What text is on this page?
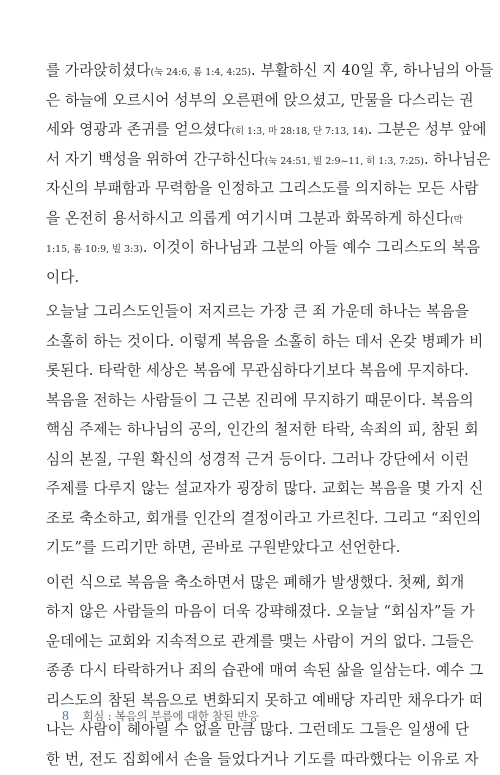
를 가라앉히셨다(눅 24:6, 롬 1:4, 4:25). 부활하신 지 40일 후, 하나님의 아들
은 하늘에 오르시어 성부의 오른편에 앉으셨고, 만물을 다스리는 권
세와 영광과 존귀를 얻으셨다(히 1:3, 마 28:18, 단 7:13, 14). 그분은 성부 앞에
서 자기 백성을 위하여 간구하신다(눅 24:51, 빌 2:9~11, 히 1:3, 7:25). 하나님은
자신의 부패함과 무력함을 인정하고 그리스도를 의지하는 모든 사람
을 온전히 용서하시고 의롭게 여기시며 그분과 화목하게 하신다(막
1:15, 롬 10:9, 빌 3:3). 이것이 하나님과 그분의 아들 예수 그리스도의 복음
이다.
오늘날 그리스도인들이 저지르는 가장 큰 죄 가운데 하나는 복음을
소홀히 하는 것이다. 이렇게 복음을 소홀히 하는 데서 온갖 병폐가 비
롯된다. 타락한 세상은 복음에 무관심하다기보다 복음에 무지하다.
복음을 전하는 사람들이 그 근본 진리에 무지하기 때문이다. 복음의
핵심 주제는 하나님의 공의, 인간의 철저한 타락, 속죄의 피, 참된 회
심의 본질, 구원 확신의 성경적 근거 등이다. 그러나 강단에서 이런
주제를 다루지 않는 설교자가 굉장히 많다. 교회는 복음을 몇 가지 신
조로 축소하고, 회개를 인간의 결정이라고 가르친다. 그리고 “죄인의
기도”를 드리기만 하면, 곧바로 구원받았다고 선언한다.
이런 식으로 복음을 축소하면서 많은 폐해가 발생했다. 첫째, 회개
하지 않은 사람들의 마음이 더욱 강퍅해졌다. 오늘날 “회심자”들 가
운데에는 교회와 지속적으로 관계를 맺는 사람이 거의 없다. 그들은
종종 다시 타락하거나 죄의 습관에 매여 속된 삶을 일삼는다. 예수 그
리스도의 참된 복음으로 변화되지 못하고 예배당 자리만 채우다가 떠
나는 사람이 헤아릴 수 없을 만큼 많다. 그런데도 그들은 일생에 단
한 번, 전도 집회에서 손을 들었다거나 기도를 따라했다는 이유로 자
8 회심 : 복음의 부름에 대한 참된 반응
